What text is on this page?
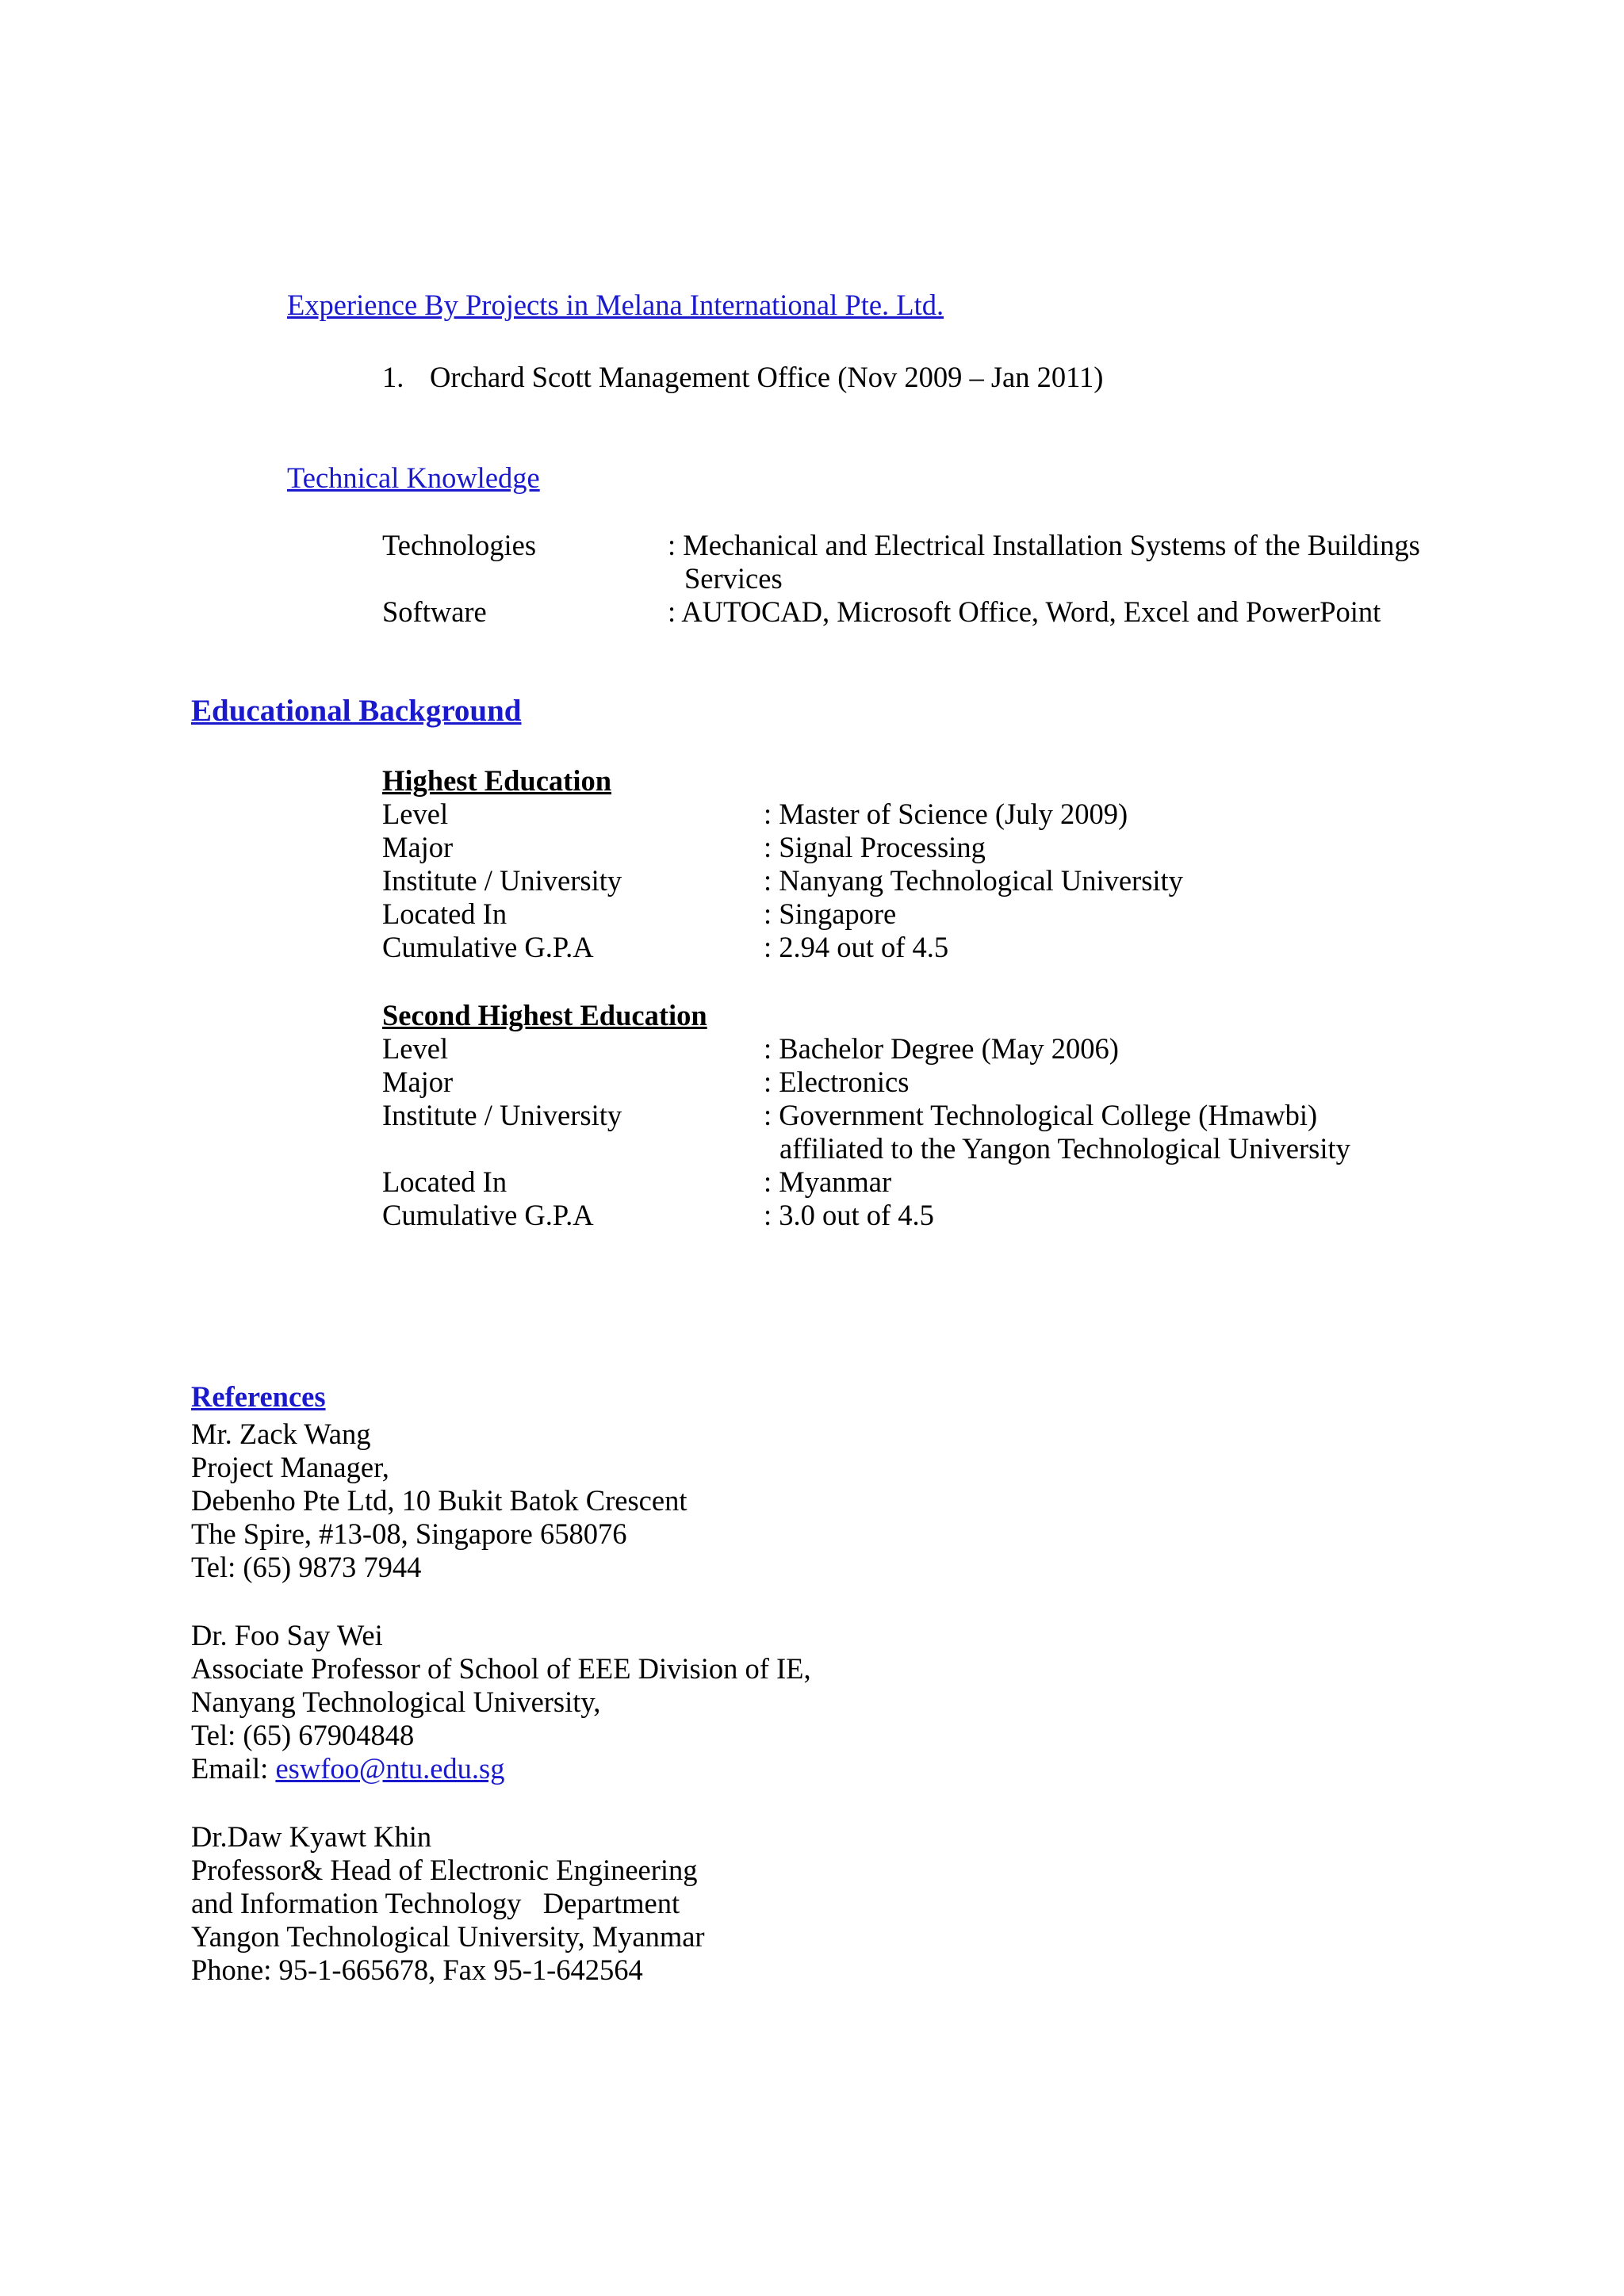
Experience By Projects in Melana International Pte. Ltd.
1. Orchard Scott Management Office (Nov 2009 – Jan 2011)
Technical Knowledge
Technologies	: Mechanical and Electrical Installation Systems of the Buildings
Services
Software	: AUTOCAD, Microsoft Office, Word, Excel and PowerPoint
Educational Background
Highest Education
Level	: Master of Science (July 2009)
Major	: Signal Processing
Institute / University	: Nanyang Technological University
Located In	: Singapore
Cumulative G.P.A	: 2.94 out of 4.5
Second Highest Education
Level	: Bachelor Degree (May 2006)
Major	: Electronics
Institute / University	: Government Technological College (Hmawbi)
affiliated to the Yangon Technological University
Located In	: Myanmar
Cumulative G.P.A	: 3.0 out of 4.5
References
Mr. Zack Wang
Project Manager,
Debenho Pte Ltd, 10 Bukit Batok Crescent
The Spire, #13-08, Singapore 658076
Tel: (65) 9873 7944
Dr. Foo Say Wei
Associate Professor of School of EEE Division of IE,
Nanyang Technological University,
Tel: (65) 67904848
Email: eswfoo@ntu.edu.sg
Dr.Daw Kyawt Khin
Professor& Head of Electronic Engineering
and Information Technology   Department
Yangon Technological University, Myanmar
Phone: 95-1-665678, Fax 95-1-642564
